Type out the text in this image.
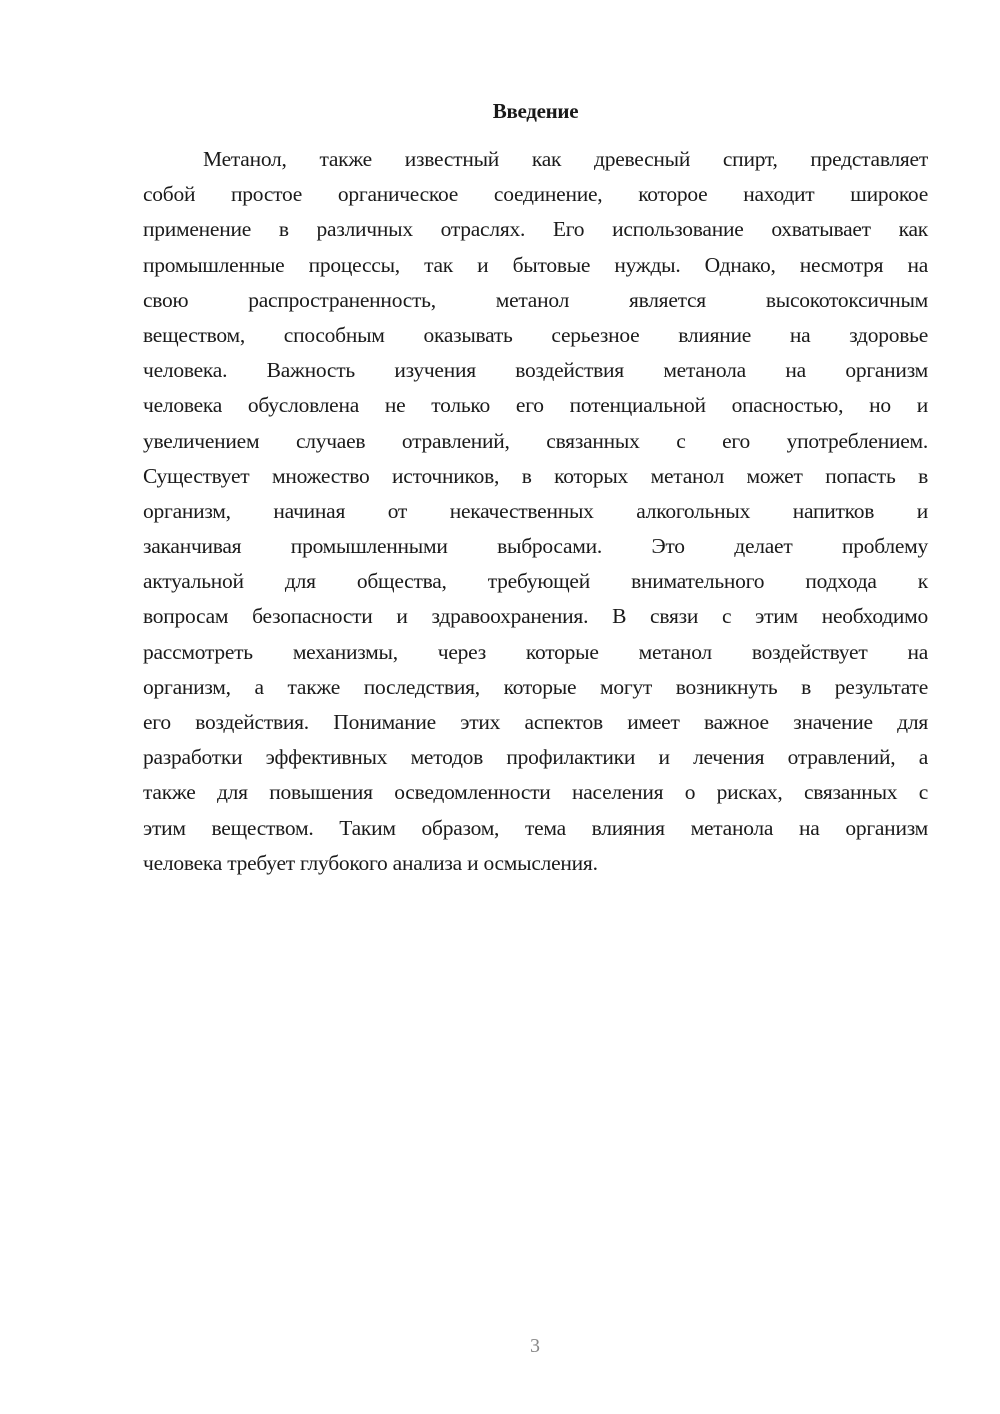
Введение
Метанол, также известный как древесный спирт, представляет
собой простое органическое соединение, которое находит широкое
применение в различных отраслях. Его использование охватывает как
промышленные процессы, так и бытовые нужды. Однако, несмотря на
свою распространенность, метанол является высокотоксичным
веществом, способным оказывать серьезное влияние на здоровье
человека. Важность изучения воздействия метанола на организм
человека обусловлена не только его потенциальной опасностью, но и
увеличением случаев отравлений, связанных с его употреблением.
Существует множество источников, в которых метанол может попасть в
организм, начиная от некачественных алкогольных напитков и
заканчивая промышленными выбросами. Это делает проблему
актуальной для общества, требующей внимательного подхода к
вопросам безопасности и здравоохранения. В связи с этим необходимо
рассмотреть механизмы, через которые метанол воздействует на
организм, а также последствия, которые могут возникнуть в результате
его воздействия. Понимание этих аспектов имеет важное значение для
разработки эффективных методов профилактики и лечения отравлений, а
также для повышения осведомленности населения о рисках, связанных с
этим веществом. Таким образом, тема влияния метанола на организм
человека требует глубокого анализа и осмысления.
3
